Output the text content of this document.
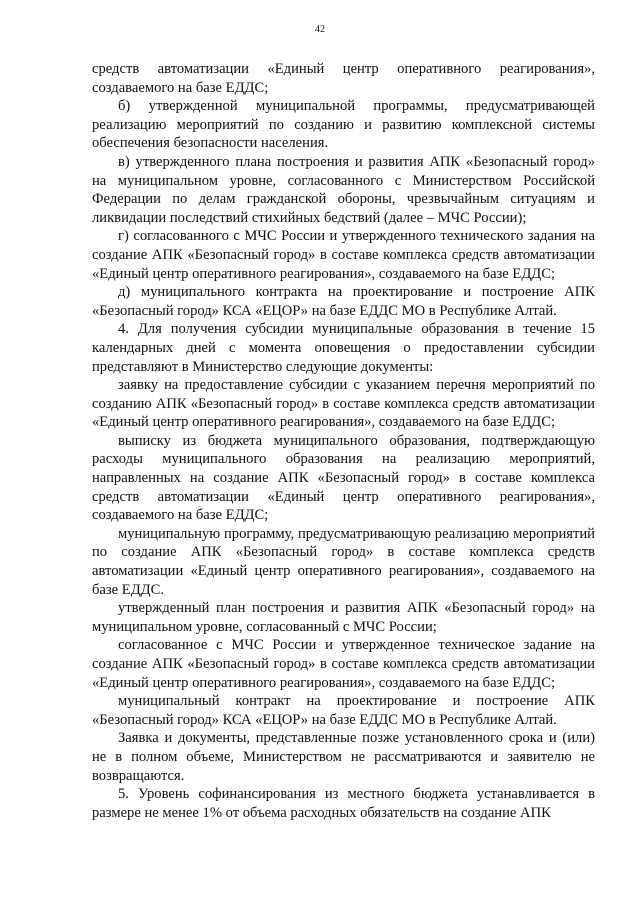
42

средств автоматизации «Единый центр оперативного реагирования», создаваемого на базе ЕДДС;

б) утвержденной муниципальной программы, предусматривающей реализацию мероприятий по созданию и развитию комплексной системы обеспечения безопасности населения.

в) утвержденного плана построения и развития АПК «Безопасный город» на муниципальном уровне, согласованного с Министерством Российской Федерации по делам гражданской обороны, чрезвычайным ситуациям и ликвидации последствий стихийных бедствий (далее – МЧС России);

г) согласованного с МЧС России и утвержденного технического задания на создание АПК «Безопасный город» в составе комплекса средств автоматизации «Единый центр оперативного реагирования», создаваемого на базе ЕДДС;

д) муниципального контракта на проектирование и построение АПК «Безопасный город» КСА «ЕЦОР» на базе ЕДДС МО в Республике Алтай.

4. Для получения субсидии муниципальные образования в течение 15 календарных дней с момента оповещения о предоставлении субсидии представляют в Министерство следующие документы:

заявку на предоставление субсидии с указанием перечня мероприятий по созданию АПК «Безопасный город» в составе комплекса средств автоматизации «Единый центр оперативного реагирования», создаваемого на базе ЕДДС;

выписку из бюджета муниципального образования, подтверждающую расходы муниципального образования на реализацию мероприятий, направленных на создание АПК «Безопасный город» в составе комплекса средств автоматизации «Единый центр оперативного реагирования», создаваемого на базе ЕДДС;

муниципальную программу, предусматривающую реализацию мероприятий по создание АПК «Безопасный город» в составе комплекса средств автоматизации «Единый центр оперативного реагирования», создаваемого на базе ЕДДС.

утвержденный план построения и развития АПК «Безопасный город» на муниципальном уровне, согласованный с МЧС России;

согласованное с МЧС России и утвержденное техническое задание на создание АПК «Безопасный город» в составе комплекса средств автоматизации «Единый центр оперативного реагирования», создаваемого на базе ЕДДС;

муниципальный контракт на проектирование и построение АПК «Безопасный город» КСА «ЕЦОР» на базе ЕДДС МО в Республике Алтай.

Заявка и документы, представленные позже установленного срока и (или) не в полном объеме, Министерством не рассматриваются и заявителю не возвращаются.

5. Уровень софинансирования из местного бюджета устанавливается в размере не менее 1% от объема расходных обязательств на создание АПК
